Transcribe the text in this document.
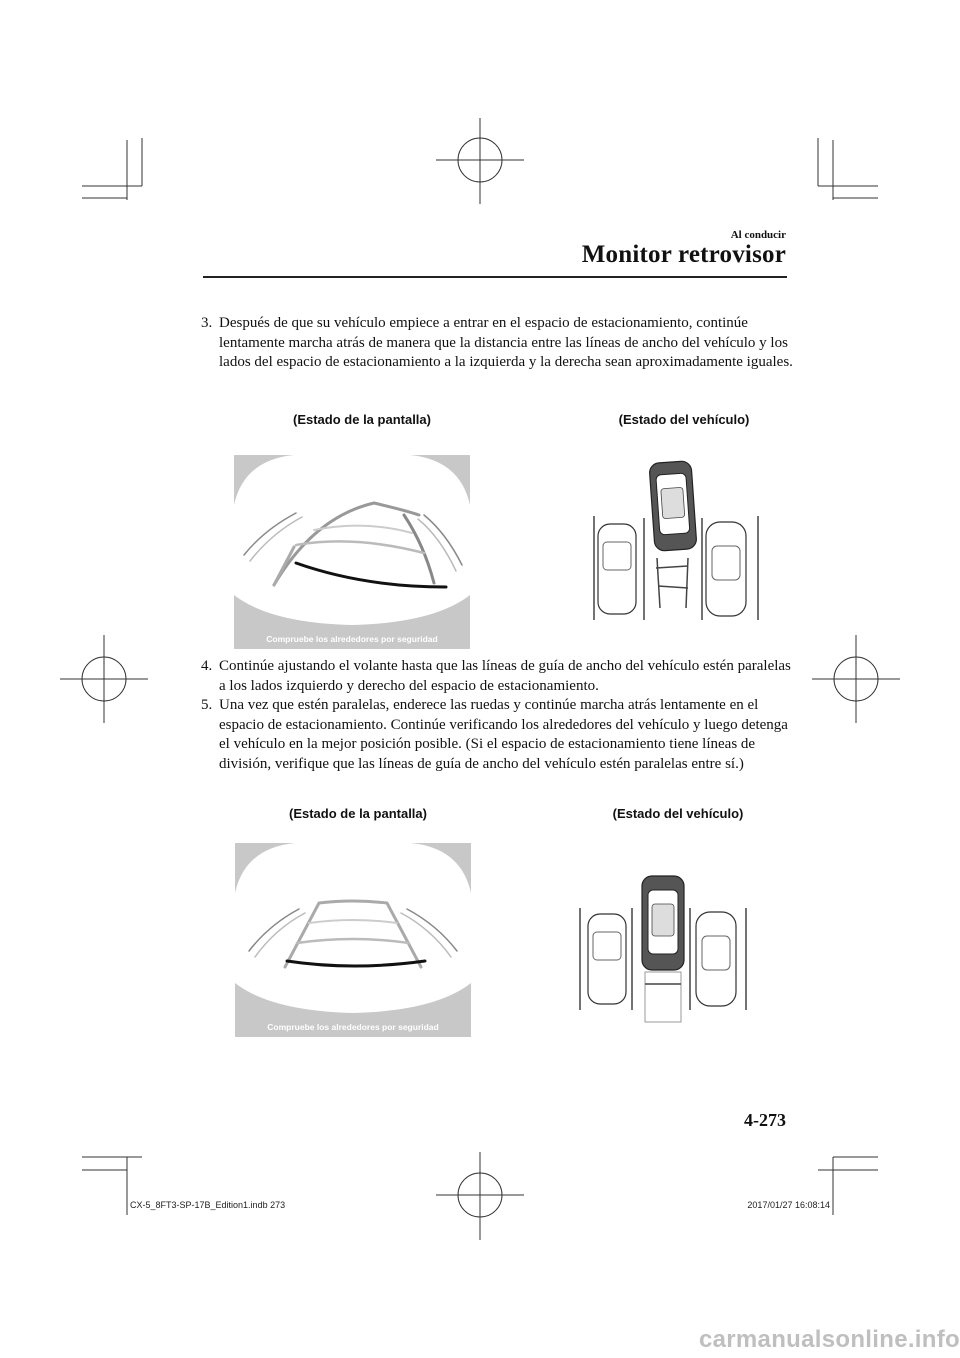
Al conducir
Monitor retrovisor
3. Después de que su vehículo empiece a entrar en el espacio de estacionamiento, continúe lentamente marcha atrás de manera que la distancia entre las líneas de ancho del vehículo y los lados del espacio de estacionamiento a la izquierda y la derecha sean aproximadamente iguales.
(Estado de la pantalla)	(Estado del vehículo)
Compruebe los alrededores por seguridad
4. Continúe ajustando el volante hasta que las líneas de guía de ancho del vehículo estén paralelas a los lados izquierdo y derecho del espacio de estacionamiento.
5. Una vez que estén paralelas, enderece las ruedas y continúe marcha atrás lentamente en el espacio de estacionamiento. Continúe verificando los alrededores del vehículo y luego detenga el vehículo en la mejor posición posible. (Si el espacio de estacionamiento tiene líneas de división, verifique que las líneas de guía de ancho del vehículo estén paralelas entre sí.)
(Estado de la pantalla)	(Estado del vehículo)
Compruebe los alrededores por seguridad
4-273
CX-5_8FT3-SP-17B_Edition1.indb 273	2017/01/27 16:08:14
carmanualsonline.info
